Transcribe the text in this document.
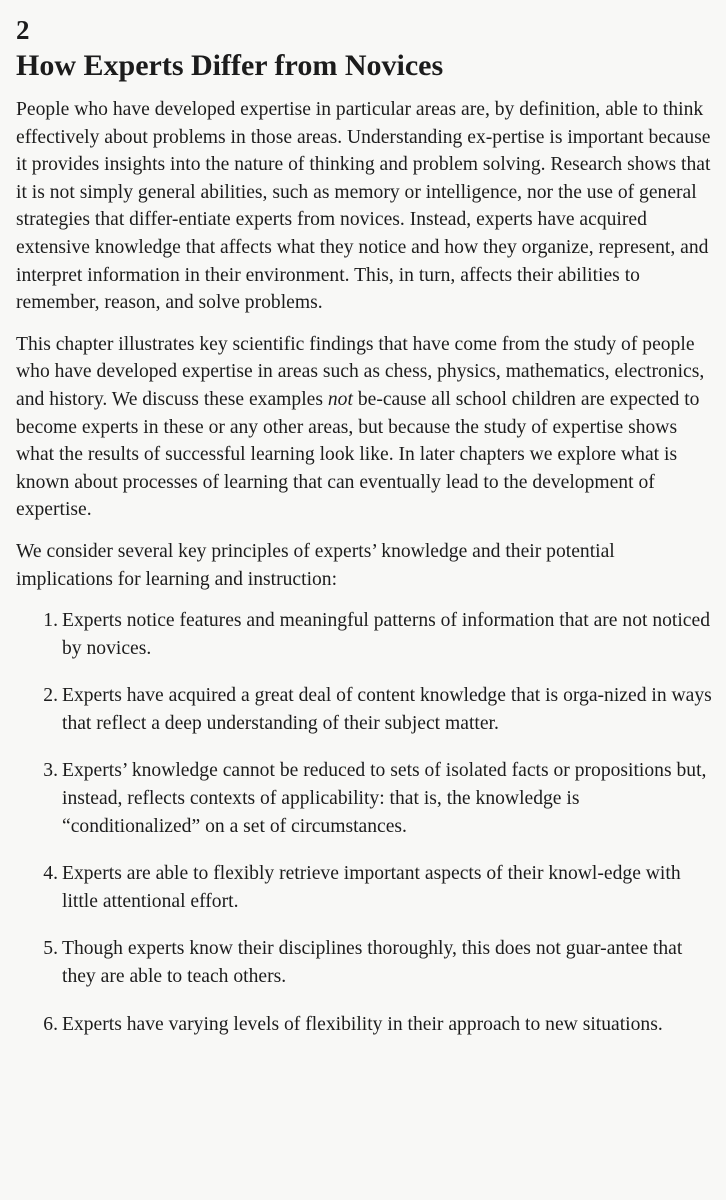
2
How Experts Differ from Novices

People who have developed expertise in particular areas are, by definition, able to think effectively about problems in those areas. Understanding ex-pertise is important because it provides insights into the nature of thinking and problem solving. Research shows that it is not simply general abilities, such as memory or intelligence, nor the use of general strategies that differ-entiate experts from novices. Instead, experts have acquired extensive knowledge that affects what they notice and how they organize, represent, and interpret information in their environment. This, in turn, affects their abilities to remember, reason, and solve problems.

This chapter illustrates key scientific findings that have come from the study of people who have developed expertise in areas such as chess, physics, mathematics, electronics, and history. We discuss these examples not be-cause all school children are expected to become experts in these or any other areas, but because the study of expertise shows what the results of successful learning look like. In later chapters we explore what is known about processes of learning that can eventually lead to the development of expertise.

We consider several key principles of experts’ knowledge and their potential implications for learning and instruction:

1. Experts notice features and meaningful patterns of information that are not noticed by novices.
2. Experts have acquired a great deal of content knowledge that is orga-nized in ways that reflect a deep understanding of their subject matter.
3. Experts’ knowledge cannot be reduced to sets of isolated facts or propositions but, instead, reflects contexts of applicability: that is, the knowledge is “conditionalized” on a set of circumstances.
4. Experts are able to flexibly retrieve important aspects of their knowl-edge with little attentional effort.
5. Though experts know their disciplines thoroughly, this does not guar-antee that they are able to teach others.
6. Experts have varying levels of flexibility in their approach to new situations.
